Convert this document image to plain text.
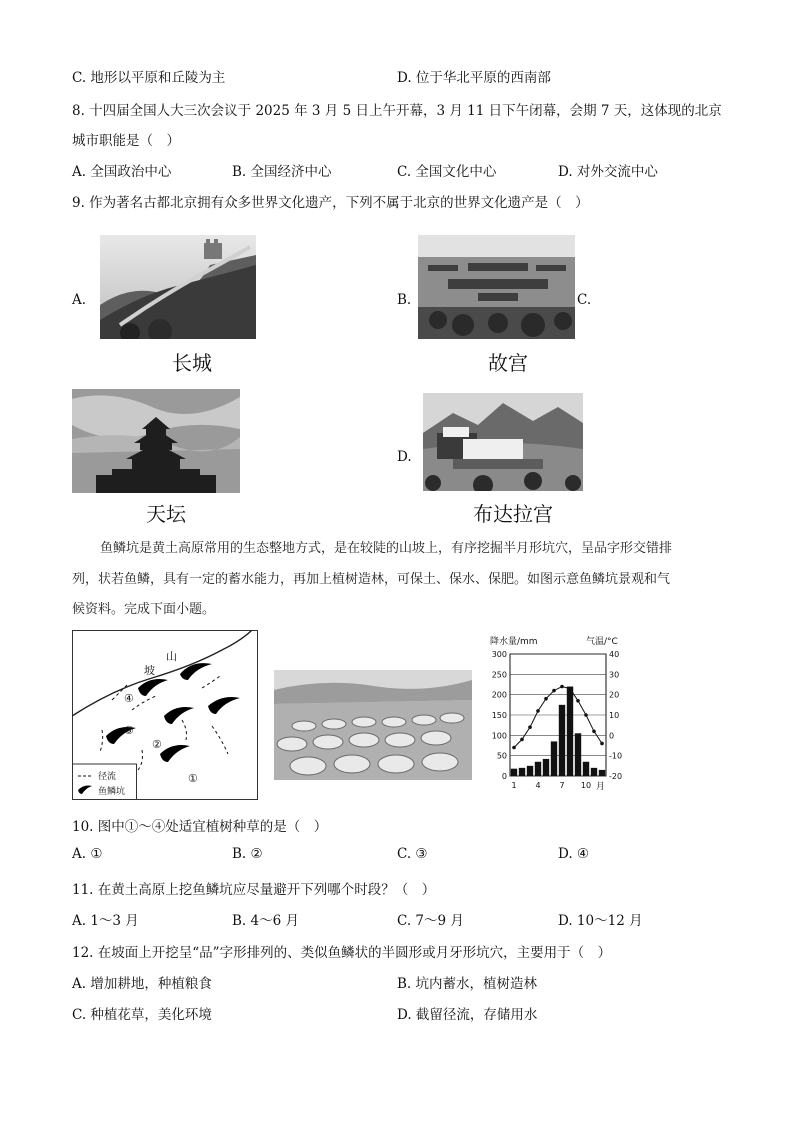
C. 地形以平原和丘陵为主	D. 位于华北平原的西南部
8. 十四届全国人大三次会议于 2025 年 3 月 5 日上午开幕，3 月 11 日下午闭幕，会期 7 天，这体现的北京
城市职能是（　）
A. 全国政治中心	B. 全国经济中心	C. 全国文化中心	D. 对外交流中心
9. 作为著名古都北京拥有众多世界文化遗产，下列不属于北京的世界文化遗产是（　）
A.
长城
B.	C.
故宫
天坛
D.
布达拉宫
鱼鳞坑是黄土高原常用的生态整地方式，是在较陡的山坡上，有序挖掘半月形坑穴，呈品字形交错排
列，状若鱼鳞，具有一定的蓄水能力，再加上植树造林，可保土、保水、保肥。如图示意鱼鳞坑景观和气
候资料。完成下面小题。
山
坡
④
③
②
①
径流
鱼鳞坑
降水量/mm	气温/°C
0
50
100
150
200
250
300
-20
-10
0
10
20
30
40
1 4 7 10 月
10. 图中①～④处适宜植树种草的是（　）
A. ①	B. ②	C. ③	D. ④
11. 在黄土高原上挖鱼鳞坑应尽量避开下列哪个时段？（　）
A. 1～3 月	B. 4～6 月	C. 7～9 月	D. 10～12 月
12. 在坡面上开挖呈“品”字形排列的、类似鱼鳞状的半圆形或月牙形坑穴，主要用于（　）
A. 增加耕地，种植粮食	B. 坑内蓄水，植树造林
C. 种植花草，美化环境	D. 截留径流，存储用水
